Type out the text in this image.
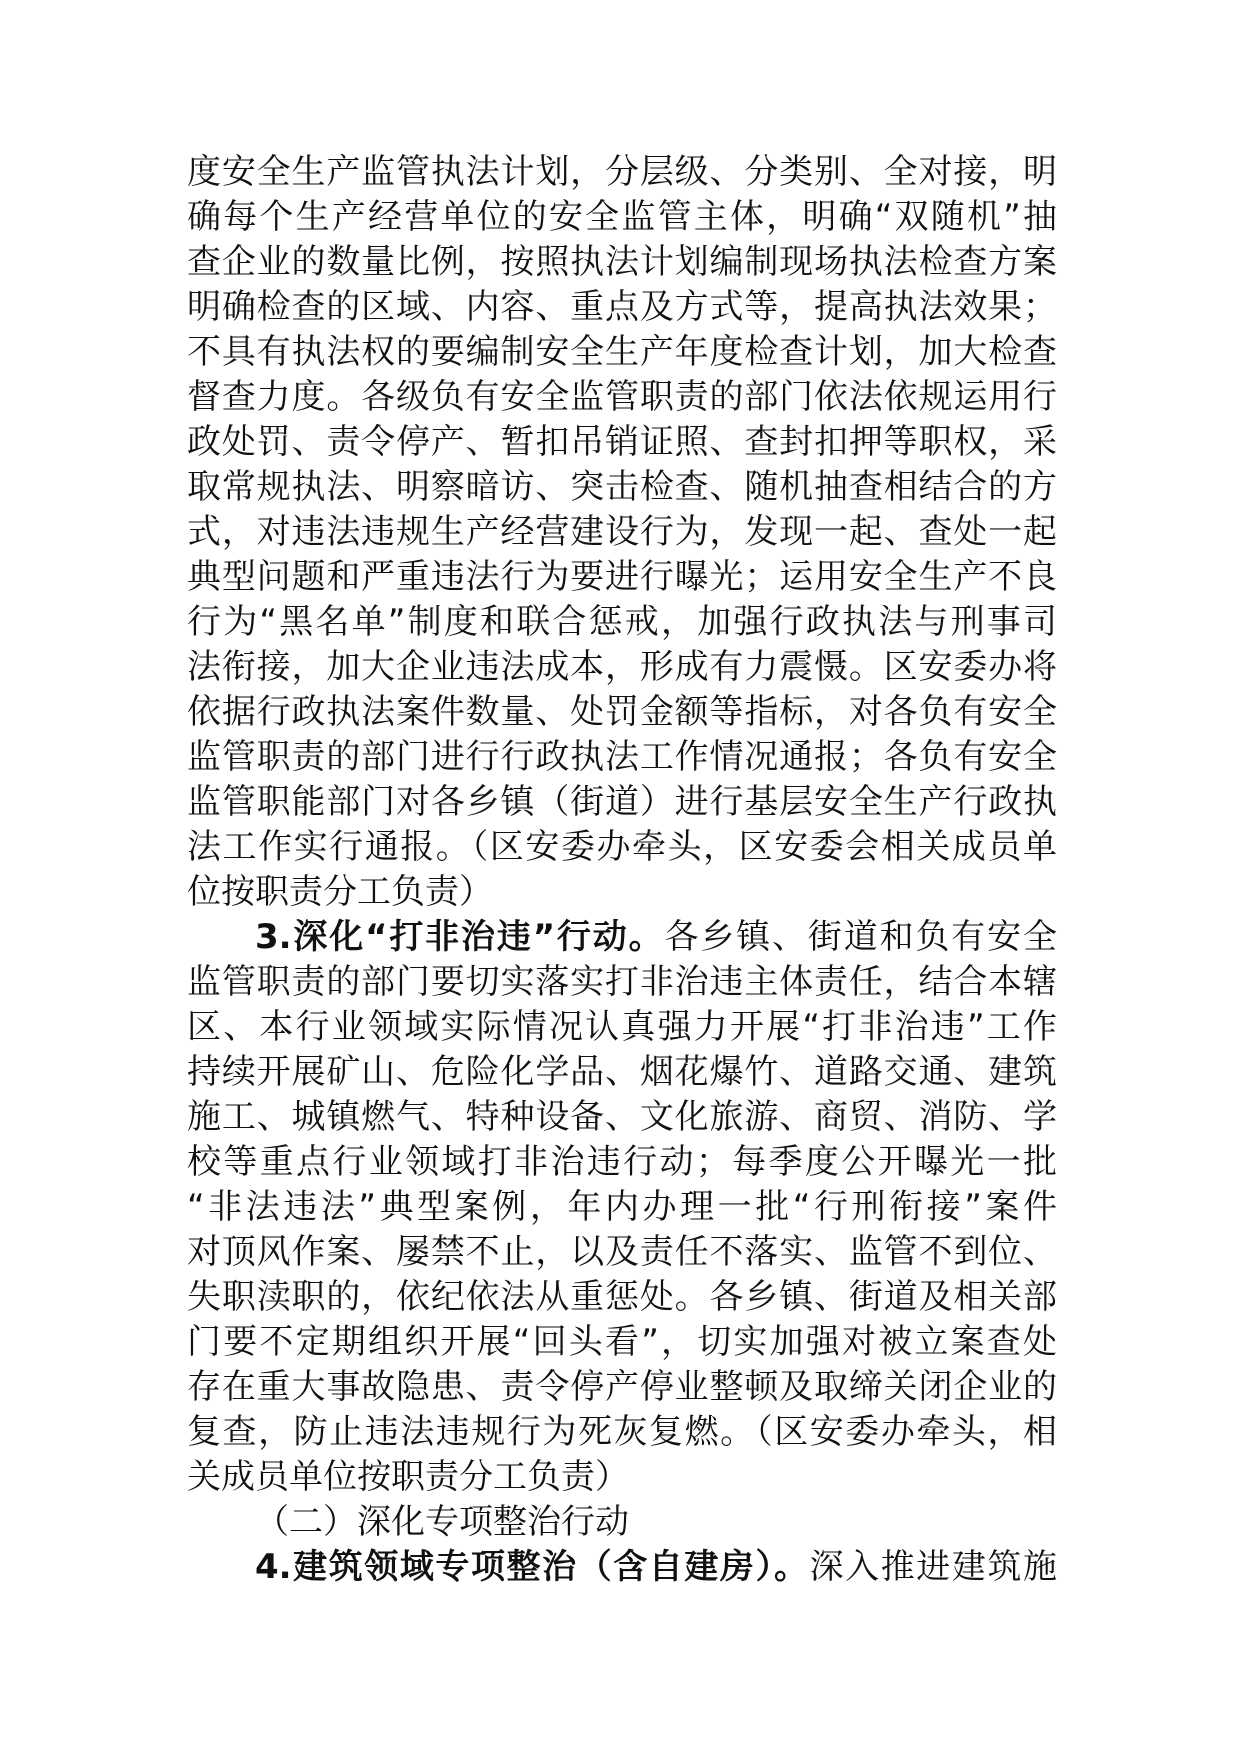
度安全生产监管执法计划，分层级、分类别、全对接，明
确每个生产经营单位的安全监管主体，明确“双随机”抽
查企业的数量比例，按照执法计划编制现场执法检查方案
明确检查的区域、内容、重点及方式等，提高执法效果；
不具有执法权的要编制安全生产年度检查计划，加大检查
督查力度。各级负有安全监管职责的部门依法依规运用行
政处罚、责令停产、暂扣吊销证照、查封扣押等职权，采
取常规执法、明察暗访、突击检查、随机抽查相结合的方
式，对违法违规生产经营建设行为，发现一起、查处一起
典型问题和严重违法行为要进行曝光；运用安全生产不良
行为“黑名单”制度和联合惩戒，加强行政执法与刑事司
法衔接，加大企业违法成本，形成有力震慑。区安委办将
依据行政执法案件数量、处罚金额等指标，对各负有安全
监管职责的部门进行行政执法工作情况通报；各负有安全
监管职能部门对各乡镇（街道）进行基层安全生产行政执
法工作实行通报。（区安委办牵头，区安委会相关成员单
位按职责分工负责）
3.深化“打非治违”行动。各乡镇、街道和负有安全
监管职责的部门要切实落实打非治违主体责任，结合本辖
区、本行业领域实际情况认真强力开展“打非治违”工作
持续开展矿山、危险化学品、烟花爆竹、道路交通、建筑
施工、城镇燃气、特种设备、文化旅游、商贸、消防、学
校等重点行业领域打非治违行动；每季度公开曝光一批
“非法违法”典型案例，年内办理一批“行刑衔接”案件
对顶风作案、屡禁不止，以及责任不落实、监管不到位、
失职渎职的，依纪依法从重惩处。各乡镇、街道及相关部
门要不定期组织开展“回头看”，切实加强对被立案查处
存在重大事故隐患、责令停产停业整顿及取缔关闭企业的
复查，防止违法违规行为死灰复燃。（区安委办牵头，相
关成员单位按职责分工负责）
（二）深化专项整治行动
4.建筑领域专项整治（含自建房）。深入推进建筑施
